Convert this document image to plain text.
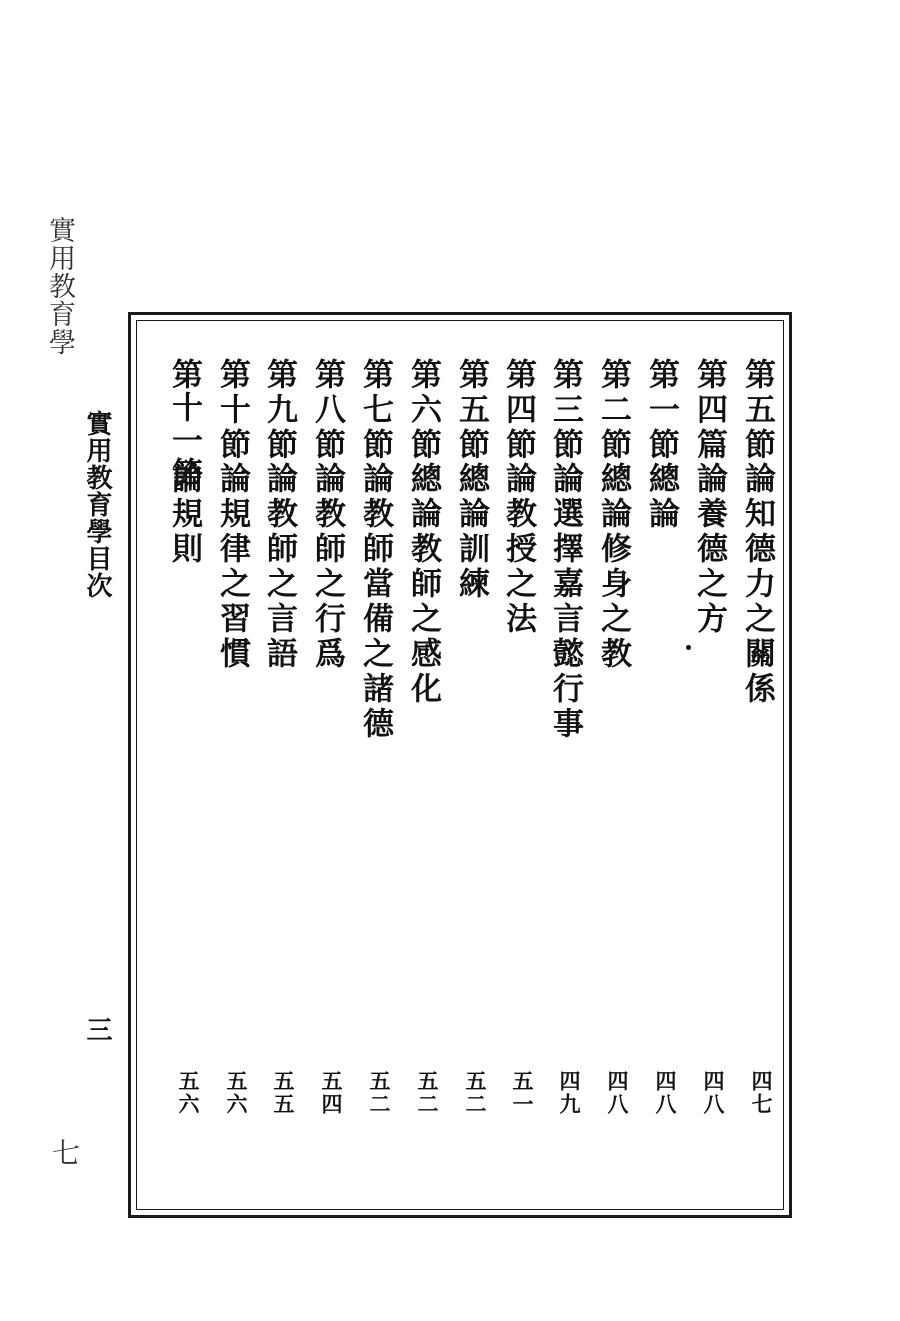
實用教育學
七
實用教育學目次
三
第五節
論知德力之關係
四七
第四篇
論養德之方
四八
第一節
總論
四八
第二節
總論修身之教
四八
第三節
論選擇嘉言懿行事
四九
第四節
論教授之法
五一
第五節
總論訓練
五二
第六節
總論教師之感化
五二
第七節
論教師當備之諸德
五二
第八節
論教師之行爲
五四
第九節
論教師之言語
五五
第十節
論規律之習慣
五六
第十一節
論規則
五六
